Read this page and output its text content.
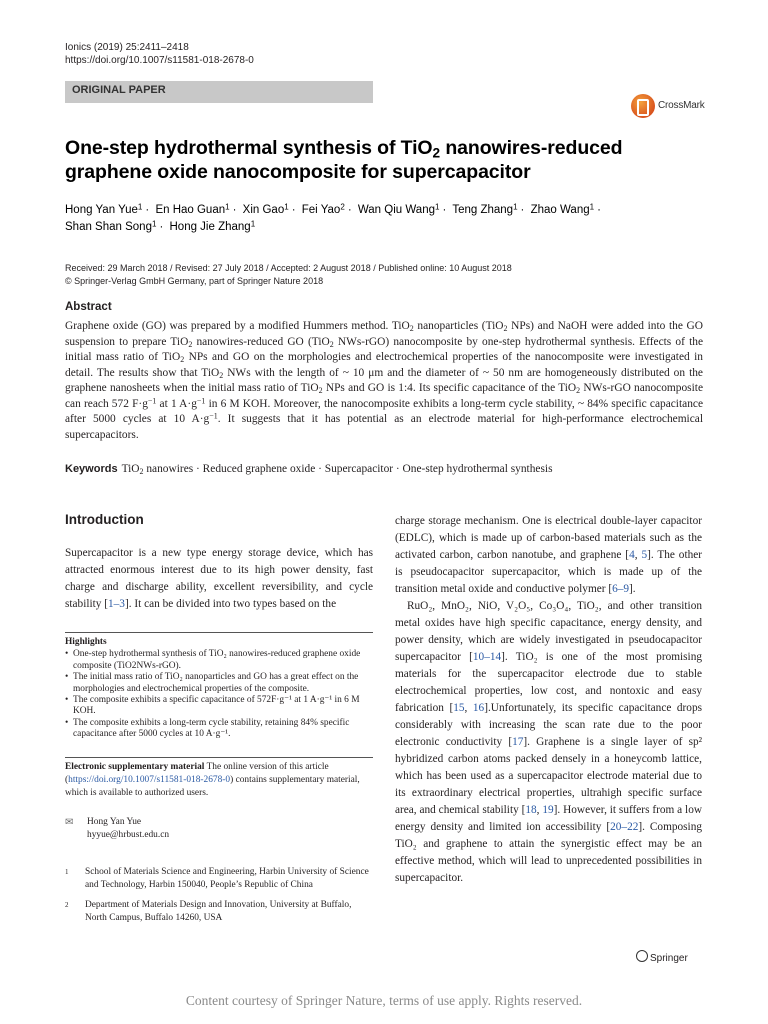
Ionics (2019) 25:2411–2418
https://doi.org/10.1007/s11581-018-2678-0
ORIGINAL PAPER
CrossMark
One-step hydrothermal synthesis of TiO$_2$ nanowires-reduced
graphene oxide nanocomposite for supercapacitor
Hong Yan Yue$^1$ · En Hao Guan$^1$ · Xin Gao$^1$ · Fei Yao$^2$ · Wan Qiu Wang$^1$ · Teng Zhang$^1$ · Zhao Wang$^1$ ·
Shan Shan Song$^1$ · Hong Jie Zhang$^1$
Received: 29 March 2018 / Revised: 27 July 2018 / Accepted: 2 August 2018 / Published online: 10 August 2018
© Springer-Verlag GmbH Germany, part of Springer Nature 2018
Abstract
Graphene oxide (GO) was prepared by a modified Hummers method. TiO$_2$ nanoparticles (TiO$_2$ NPs) and NaOH were added into the GO suspension to prepare TiO$_2$ nanowires-reduced GO (TiO$_2$ NWs-rGO) nanocomposite by one-step hydrothermal synthesis. Effects of the initial mass ratio of TiO$_2$ NPs and GO on the morphologies and electrochemical properties of the nanocomposite were investigated in detail. The results show that TiO$_2$ NWs with the length of ~ 10 μm and the diameter of ~ 50 nm are homogeneously distributed on the graphene nanosheets when the initial mass ratio of TiO$_2$ NPs and GO is 1:4. Its specific capacitance of the TiO$_2$ NWs-rGO nanocomposite can reach 572 $F\cdot g^{-1}$ at 1 $A\cdot g^{-1}$ in 6 M KOH. Moreover, the nanocomposite exhibits a long-term cycle stability, ~ 84% specific capacitance after 5000 cycles at 10 $A\cdot g^{-1}$. It suggests that it has potential as an electrode material for high-performance electrochemical supercapacitors.
Keywords TiO$_2$ nanowires · Reduced graphene oxide · Supercapacitor · One-step hydrothermal synthesis
Introduction
Supercapacitor is a new type energy storage device, which has attracted enormous interest due to its high power density, fast charge and discharge ability, excellent reversibility, and cycle stability [1–3]. It can be divided into two types based on the
Highlights
• One-step hydrothermal synthesis of TiO₂ nanowires-reduced graphene oxide composite (TiO2NWs-rGO).
• The initial mass ratio of TiO₂ nanoparticles and GO has a great effect on the morphologies and electrochemical properties of the composite.
• The composite exhibits a specific capacitance of 572F·g⁻¹ at 1 A·g⁻¹ in 6 M KOH.
• The composite exhibits a long-term cycle stability, retaining 84% specific capacitance after 5000 cycles at 10 A·g⁻¹.
Electronic supplementary material The online version of this article (https://doi.org/10.1007/s11581-018-2678-0) contains supplementary material, which is available to authorized users.
✉	Hong Yan Yue
hyyue@hrbust.edu.cn
1 School of Materials Science and Engineering, Harbin University of Science and Technology, Harbin 150040, People’s Republic of China
2 Department of Materials Design and Innovation, University at Buffalo, North Campus, Buffalo 14260, USA

charge storage mechanism. One is electrical double-layer capacitor (EDLC), which is made up of carbon-based materials such as the activated carbon, carbon nanotube, and graphene [4, 5]. The other is pseudocapacitor supercapacitor, which is made up of the transition metal oxide and conductive polymer [6–9].

RuO₂, MnO₂, NiO, V₂O₅, Co₃O₄, TiO₂, and other transition metal oxides have high specific capacitance, energy density, and power density, which are widely investigated in pseudocapacitor supercapacitor [10–14]. TiO₂ is one of the most promising materials for the supercapacitor electrode due to stable electrochemical properties, low cost, and nontoxic and easy fabrication [15, 16].Unfortunately, its specific capacitance drops considerably with increasing the scan rate due to the poor electronic conductivity [17]. Graphene is a single layer of sp² hybridized carbon atoms packed densely in a honeycomb lattice, which has been used as a supercapacitor electrode material due to its extraordinary electrical properties, ultrahigh specific surface area, and chemical stability [18, 19]. However, it suffers from a low energy density and limited ion accessibility [20–22]. Composing TiO₂ and graphene to attain the synergistic effect may be an effective method, which will lead to unprecedented possibilities in supercapacitor.

Springer
Content courtesy of Springer Nature, terms of use apply. Rights reserved.
